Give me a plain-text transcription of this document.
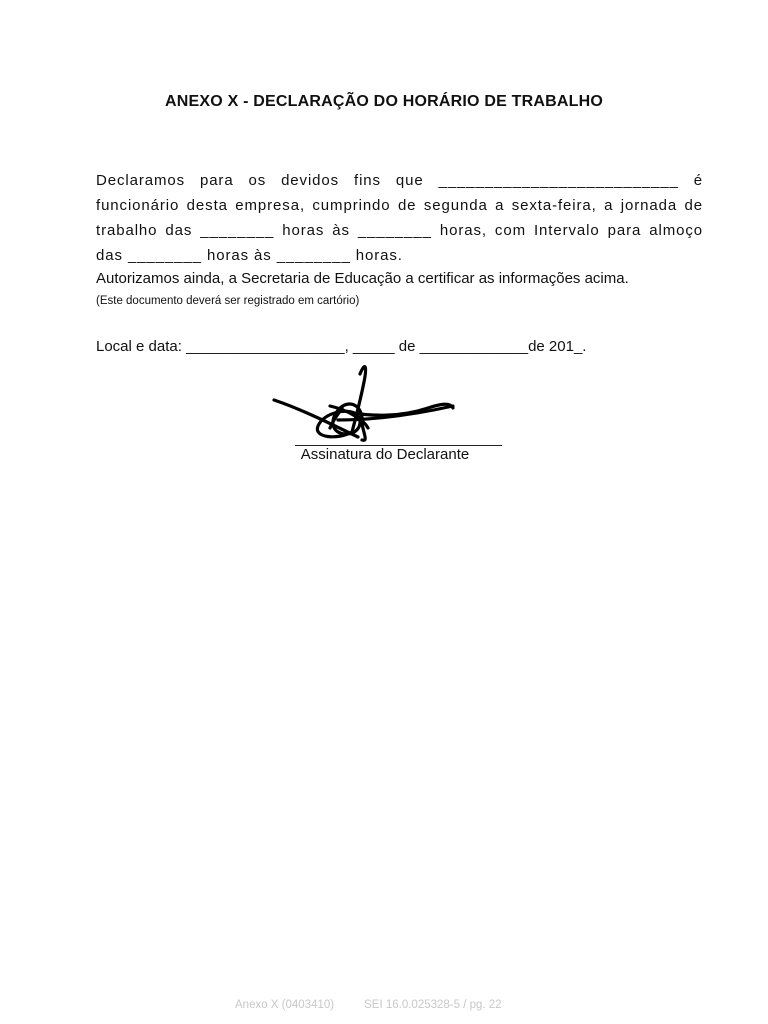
ANEXO X - DECLARAÇÃO DO HORÁRIO DE TRABALHO
Declaramos para os devidos fins que __________________________ é
funcionário desta empresa, cumprindo de segunda a sexta-feira, a jornada de
trabalho das ________ horas às ________ horas, com Intervalo para almoço
das ________ horas às ________ horas.
Autorizamos ainda, a Secretaria de Educação a certificar as informações acima.
(Este documento deverá ser registrado em cartório)
Local e data: ___________________, _____ de _____________de 201_.
Assinatura do Declarante
Anexo X (0403410)	SEI 16.0.025328-5 / pg. 22
